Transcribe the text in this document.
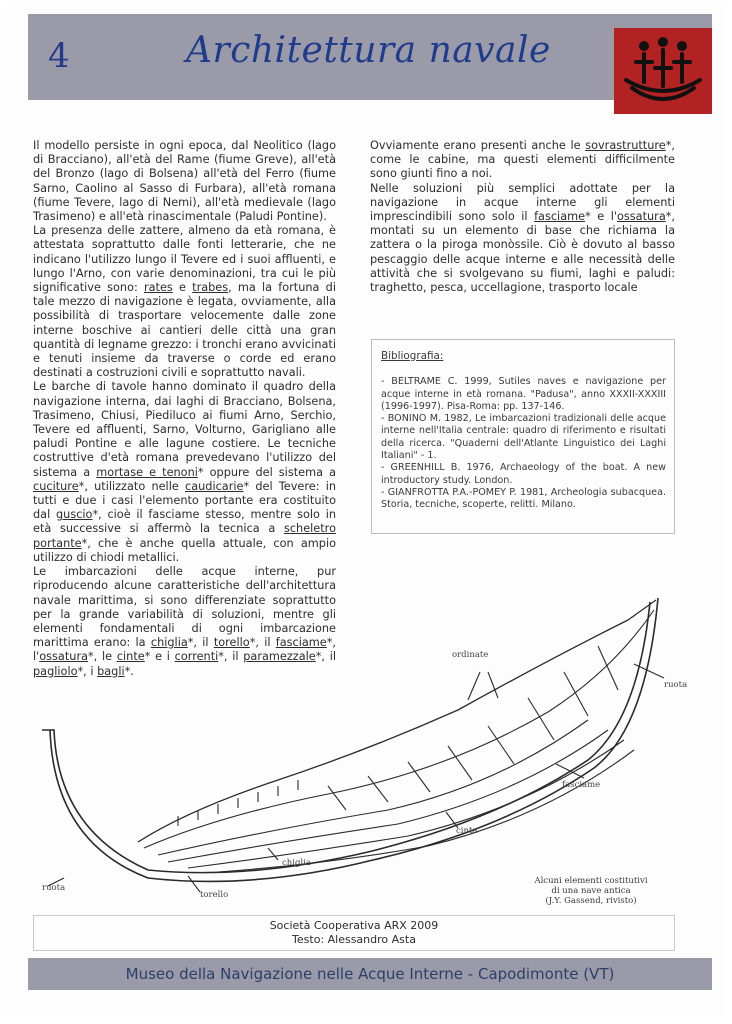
4	Architettura navale

Il modello persiste in ogni epoca, dal Neolitico (lago di Bracciano), all'età del Rame (fiume Greve), all'età del Bronzo (lago di Bolsena) all'età del Ferro (fiume Sarno, Caolino al Sasso di Furbara), all'età romana (fiume Tevere, lago di Nemi), all'età medievale (lago Trasimeno) e all'età rinascimentale (Paludi Pontine).

La presenza delle zattere, almeno da età romana, è attestata soprattutto dalle fonti letterarie, che ne indicano l'utilizzo lungo il Tevere ed i suoi affluenti, e lungo l'Arno, con varie denominazioni, tra cui le più significative sono: rates e trabes, ma la fortuna di tale mezzo di navigazione è legata, ovviamente, alla possibilità di trasportare velocemente dalle zone interne boschive ai cantieri delle città una gran quantità di legname grezzo: i tronchi erano avvicinati e tenuti insieme da traverse o corde ed erano destinati a costruzioni civili e soprattutto navali.

Le barche di tavole hanno dominato il quadro della navigazione interna, dai laghi di Bracciano, Bolsena, Trasimeno, Chiusi, Piediluco ai fiumi Arno, Serchio, Tevere ed affluenti, Sarno, Volturno, Garigliano alle paludi Pontine e alle lagune costiere. Le tecniche costruttive d'età romana prevedevano l'utilizzo del sistema a mortase e tenoni* oppure del sistema a cuciture*, utilizzato nelle caudicarie* del Tevere: in tutti e due i casi l'elemento portante era costituito dal guscio*, cioè il fasciame stesso, mentre solo in età successive si affermò la tecnica a scheletro portante*, che è anche quella attuale, con ampio utilizzo di chiodi metallici.

Le imbarcazioni delle acque interne, pur riproducendo alcune caratteristiche dell'architettura navale marittima, si sono differenziate soprattutto per la grande variabilità di soluzioni, mentre gli elementi fondamentali di ogni imbarcazione marittima erano: la chiglia*, il torello*, il fasciame*, l'ossatura*, le cinte* e i correnti*, il paramezzale*, il pagliolo*, i bagli*.

Ovviamente erano presenti anche le sovrastrutture*, come le cabine, ma questi elementi difficilmente sono giunti fino a noi.

Nelle soluzioni più semplici adottate per la navigazione in acque interne gli elementi imprescindibili sono solo il fasciame* e l'ossatura*, montati su un elemento di base che richiama la zattera o la piroga monòssile. Ciò è dovuto al basso pescaggio delle acque interne e alle necessità delle attività che si svolgevano su fiumi, laghi e paludi: traghetto, pesca, uccellagione, trasporto locale

Bibliografia:

- BELTRAME C. 1999, Sutiles naves e navigazione per acque interne in età romana. "Padusa", anno XXXII-XXXIII (1996-1997). Pisa-Roma: pp. 137-146.

- BONINO M. 1982, Le imbarcazioni tradizionali delle acque interne nell'Italia centrale: quadro di riferimento e risultati della ricerca. "Quaderni dell'Atlante Linguistico dei Laghi Italiani" - 1.

- GREENHILL B. 1976, Archaeology of the boat. A new introductory study. London.

- GIANFROTTA P.A.-POMEY P. 1981, Archeologia subacquea. Storia, tecniche, scoperte, relitti. Milano.

ordinate
ruota
fasciame
cinta
chiglia
ruota
torello
Alcuni elementi costitutivi
di una nave antica
(J.Y. Gassend, rivisto)
Società Cooperativa ARX 2009
Testo: Alessandro Asta
Museo della Navigazione nelle Acque Interne - Capodimonte (VT)
